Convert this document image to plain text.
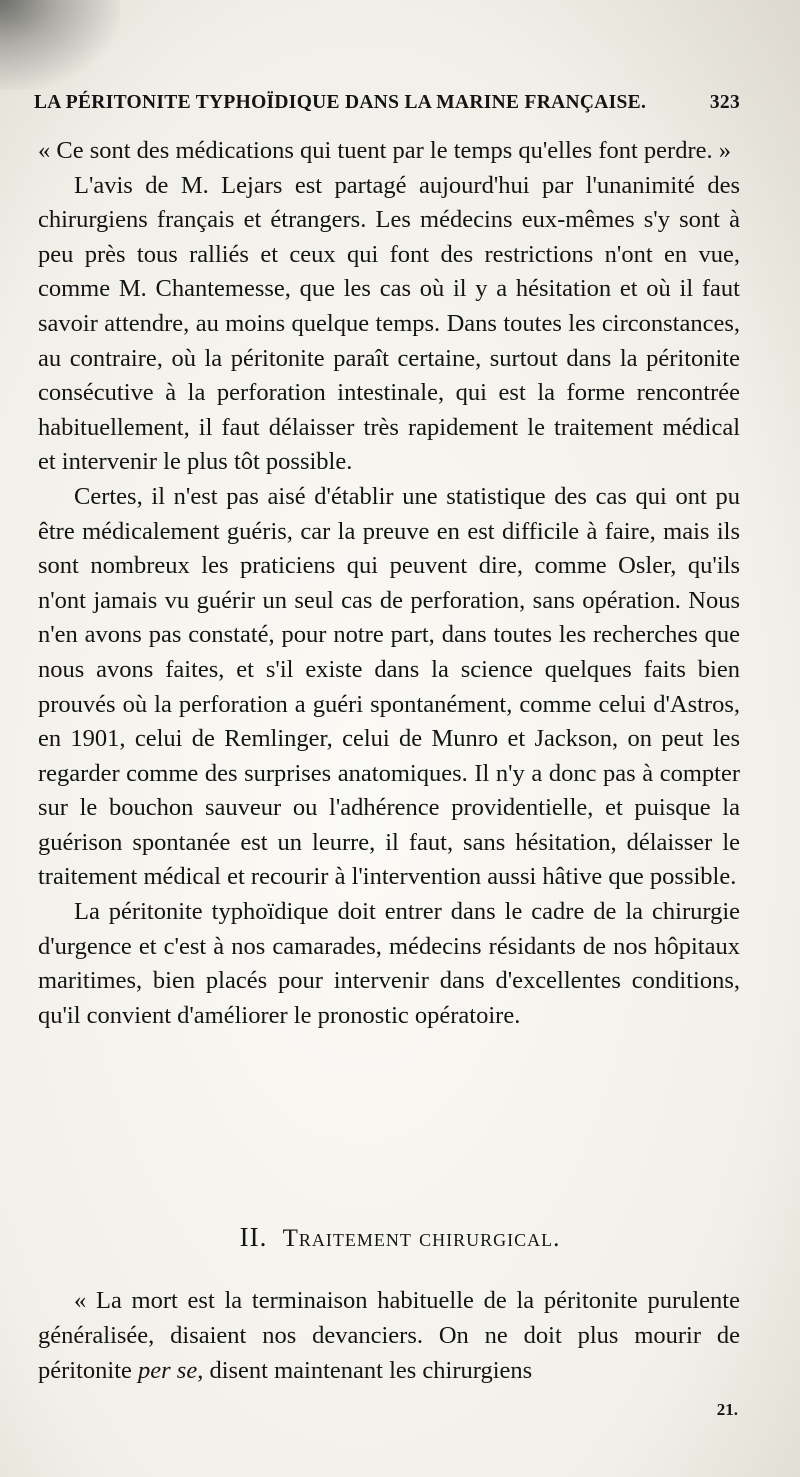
LA PÉRITONITE TYPHOÏDIQUE DANS LA MARINE FRANÇAISE.	323

« Ce sont des médications qui tuent par le temps qu'elles font perdre. »

L'avis de M. Lejars est partagé aujourd'hui par l'unanimité des chirurgiens français et étrangers. Les médecins eux-mêmes s'y sont à peu près tous ralliés et ceux qui font des restrictions n'ont en vue, comme M. Chantemesse, que les cas où il y a hésitation et où il faut savoir attendre, au moins quelque temps. Dans toutes les circonstances, au contraire, où la péritonite paraît certaine, surtout dans la péritonite consécutive à la perforation intestinale, qui est la forme rencontrée habituellement, il faut délaisser très rapidement le traitement médical et intervenir le plus tôt possible.

Certes, il n'est pas aisé d'établir une statistique des cas qui ont pu être médicalement guéris, car la preuve en est difficile à faire, mais ils sont nombreux les praticiens qui peuvent dire, comme Osler, qu'ils n'ont jamais vu guérir un seul cas de perforation, sans opération. Nous n'en avons pas constaté, pour notre part, dans toutes les recherches que nous avons faites, et s'il existe dans la science quelques faits bien prouvés où la perforation a guéri spontanément, comme celui d'Astros, en 1901, celui de Remlinger, celui de Munro et Jackson, on peut les regarder comme des surprises anatomiques. Il n'y a donc pas à compter sur le bouchon sauveur ou l'adhérence providentielle, et puisque la guérison spontanée est un leurre, il faut, sans hésitation, délaisser le traitement médical et recourir à l'intervention aussi hâtive que possible.

La péritonite typhoïdique doit entrer dans le cadre de la chirurgie d'urgence et c'est à nos camarades, médecins résidants de nos hôpitaux maritimes, bien placés pour intervenir dans d'excellentes conditions, qu'il convient d'améliorer le pronostic opératoire.

II. Traitement chirurgical.

« La mort est la terminaison habituelle de la péritonite purulente généralisée, disaient nos devanciers. On ne doit plus mourir de péritonite per se, disent maintenant les chirurgiens

21.
